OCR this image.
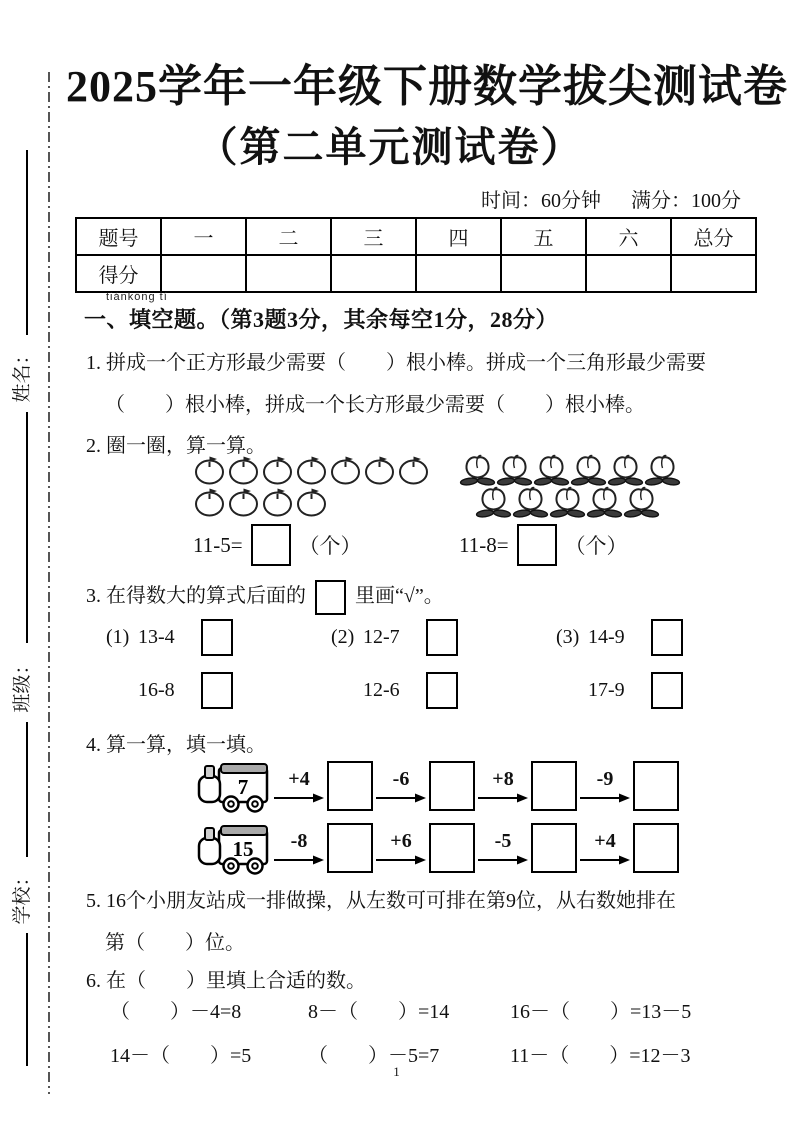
姓名：
班级：
学校：
2025学年一年级下册数学拔尖测试卷
（第二单元测试卷）
时间：60分钟 满分：100分
题号	一	二	三	四	五	六	总分
得分							
tiánkōng tí
一、填空题。（第3题3分，其余每空1分，28分）
1. 拼成一个正方形最少需要（　　）根小棒。拼成一个三角形最少需要
（　　）根小棒，拼成一个长方形最少需要（　　）根小棒。
2. 圈一圈，算一算。
11-5=	（个）	11-8=	（个）
3. 在得数大的算式后面的 里画“√”。
(1) 13-4
16-8
(2) 12-7
12-6
(3) 14-9
17-9
4. 算一算，填一填。
7 +4	-6	+8	-9
15 -8	+6	-5	+4
5. 16个小朋友站成一排做操，从左数可可排在第9位，从右数她排在
第（　　）位。
6. 在（　　）里填上合适的数。
（　　）－4=8	8－（　　）=14	16－（　　）=13－5
14－（　　）=5	（　　）－5=7	11－（　　）=12－3
1
